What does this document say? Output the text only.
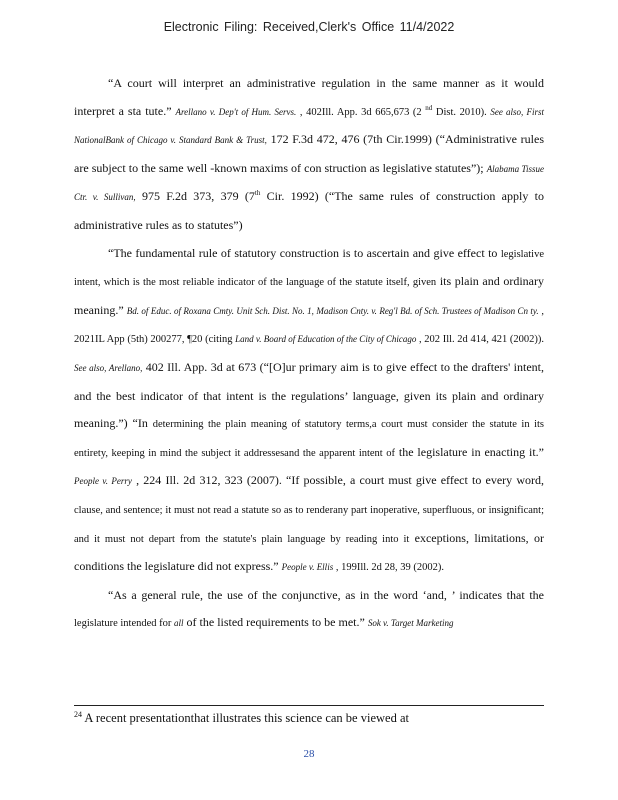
Electronic Filing: Received,Clerk's Office 11/4/2022

“A court will interpret an administrative regulation in the same manner as it would interpret a sta tute.” Arellano v. Dep't of Hum. Servs. , 402Ill. App. 3d 665,673 (2 $^{nd}$ Dist. 2010). See also, First NationalBank of Chicago v. Standard Bank & Trust, 172 F.3d 472, 476 (7th Cir.1999) (“Administrative rules are subject to the same well -known maxims of con struction as legislative statutes”); Alabama Tissue Ctr. v. Sullivan, 975 F.2d 373, 379 (7th Cir. 1992) (“The same rules of construction apply to administrative rules as to statutes”)

“The fundamental rule of statutory construction is to ascertain and give effect to legislative intent, which is the most reliable indicator of the language of the statute itself, given its plain and ordinary meaning.” Bd. of Educ. of Roxana Cmty. Unit Sch. Dist. No. 1, Madison Cnty. v. Reg'l Bd. of Sch. Trustees of Madison Cn ty. , 2021IL App (5th) 200277, ¶20 (citing Land v. Board of Education of the City of Chicago , 202 Ill. 2d 414, 421 (2002)). See also, Arellano, 402 Ill. App. 3d at 673 (“[O]ur primary aim is to give effect to the drafters' intent, and the best indicator of that intent is the regulations’ language, given its plain and ordinary meaning.”) “In determining the plain meaning of statutory terms,a court must consider the statute in its entirety, keeping in mind the subject it addressesand the apparent intent of the legislature in enacting it.” People v. Perry , 224 Ill. 2d 312, 323 (2007). “If possible, a court must give effect to every word, clause, and sentence; it must not read a statute so as to renderany part inoperative, superfluous, or insignificant; and it must not depart from the statute's plain language by reading into it exceptions, limitations, or conditions the legislature did not express.” People v. Ellis , 199Ill. 2d 28, 39 (2002).

“As a general rule, the use of the conjunctive, as in the word ‘and, ’ indicates that the legislature intended for all of the listed requirements to be met.” Sok v. Target Marketing

$^{24}$ A recent presentationthat illustrates this science can be viewed at
28
